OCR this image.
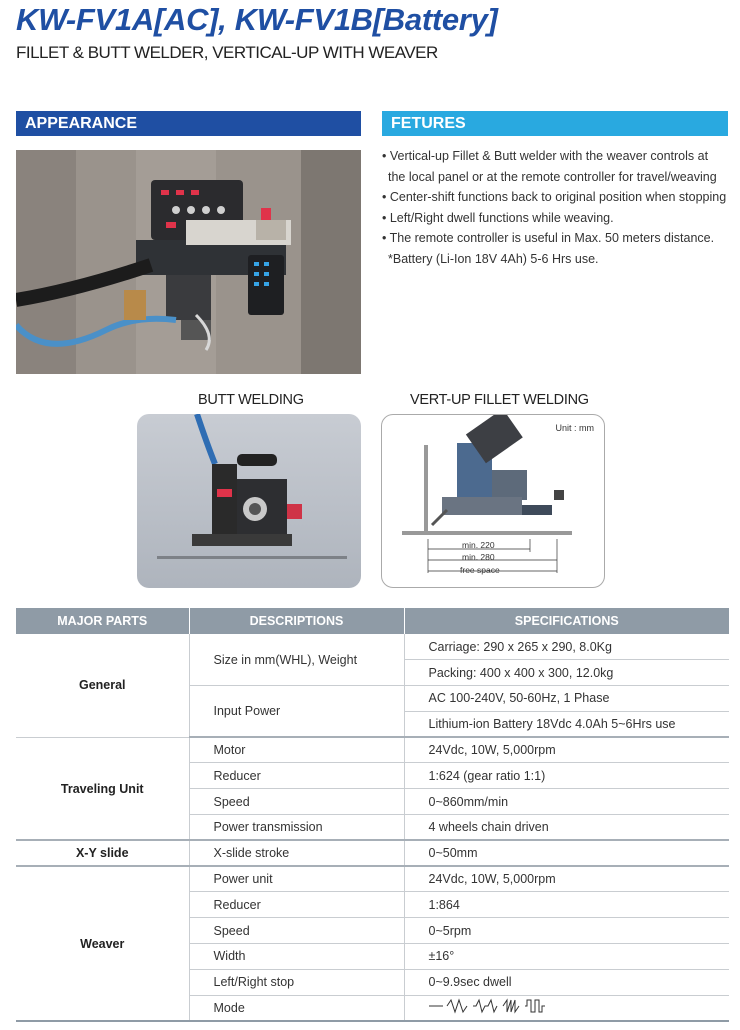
KW-FV1A[AC], KW-FV1B[Battery]
FILLET & BUTT WELDER, VERTICAL-UP WITH WEAVER
APPEARANCE	FETURES
• Vertical-up Fillet & Butt welder with the weaver controls at
the local panel or at the remote controller for travel/weaving
• Center-shift functions back to original position when stopping
• Left/Right dwell functions while weaving.
• The remote controller is useful in Max. 50 meters distance.
*Battery (Li-Ion 18V 4Ah) 5-6 Hrs use.
BUTT WELDING	VERT-UP FILLET WELDING
Unit : mm
min. 220
min. 280
free space
MAJOR PARTS	DESCRIPTIONS	SPECIFICATIONS
General	Size in mm(WHL), Weight	Carriage: 290 x 265 x 290, 8.0Kg
		Packing: 400 x 400 x 300, 12.0kg
	Input Power	AC 100-240V, 50-60Hz, 1 Phase
		Lithium-ion Battery 18Vdc 4.0Ah 5~6Hrs use
Traveling Unit	Motor	24Vdc, 10W, 5,000rpm
	Reducer	1:624 (gear ratio 1:1)
	Speed	0~860mm/min
	Power transmission	4 wheels chain driven
X-Y slide	X-slide stroke	0~50mm
Weaver	Power unit	24Vdc, 10W, 5,000rpm
	Reducer	1:864
	Speed	0~5rpm
	Width	±16°
	Left/Right stop	0~9.9sec dwell
	Mode	
